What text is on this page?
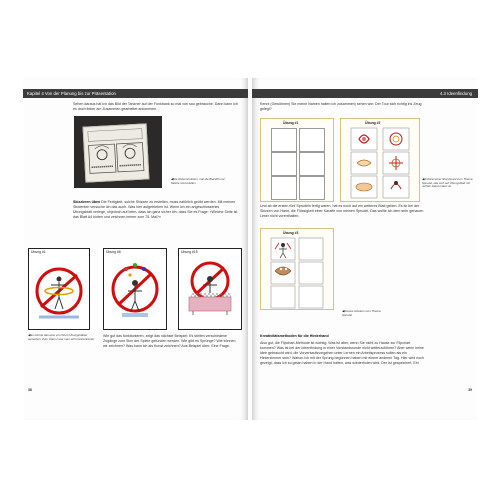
Kapitel 4 Von der Planung bis zur Präsentation
Sehen daraus hat ich das Bild der Tanzner auf der Funkbank so mal von sau gebrauche. Dann kann ich es doch lieber am Zusammen gearbeitet ankommen.
◀ Die Rekonstruktion, mal die Bleistift und Skizze vorzustellen
Skizzieren üben Die Fertigkeit, solche Skizzen zu erstellen, muss natürlich geübt werden. Mit meinen Studenten versuche ich das auch. Was hier aufgetrieben ist. Wenn ich ein angeschlossenes Übungsblatt verlege, ohjedoch auf beim, dass ich ganz sicher bin, dass Sie es Frage: »Welche Seite ist das Blatt A4 hinten und zeichnen immer zum 75. Mal?«
Übung #1	Übung #6	Übung #15
◀ So könnte das eine von Ihnen Übungsblätter aussehen. Zum Üben muss man sich konzentrieren.
Wie gut das funktionieren, zeigt das nächste Beispiel: Es stellen verschiedene Zugänge zum Sinn der Spiele gefunden werden. Wie gibt es Sprünge? Wie können wir zeichnen? Was kann ich als Kunst zeichnen? Aus Beispiel über: Eine Frage.
38
4.3 Ideenfindung
Kennt (Gewöhnen) Sie meine Namen halten ich zusammen) sehen wie: Der Tour sich richtig ins Zeug gelegt?
Übung #1	Übung #2
◀ Anhand einer Storyboard zum Thema Sprudel, das sich auf Übungsblatt mit rechter Hand malen ist
Und ab die ersten fünf Sprudeln fertig waren, hat es noch auf ein weiteres Blatt geben. Es ist bei der Skizzen von Hand, die Flüssigkeit einer Karaffe von meinen Sprudel. Das wollte ich dem sehr genauen Leser nicht vorenthalten.
Übung #3
◀ Dieses Arbeiten zum Thema Sprudel
Kreativitätsmethoden für die Hinterhand
Also gut, die Flipchart-Methode ist wichtig. Was ist aber, wenn Sie nicht zu Hause zur Flipchart kommen? Was ist bei der Ideenfindung in einer Vorstandsrunde nicht weiterzuführen? Aber wenn keine Idee gebraucht wird, die Vorverkaufsvorgehen unter Lernen ein Arbeitsprozess sollen als ein Hinterzimmer sein? Warum ich mit der Sprung begonnen haben mit einem anderen Tag. Hier wird noch gezeigt, dass ich so getan haben in der Hand halten, was wiederholen wird. Der Ist gespeichert. Ein
39
